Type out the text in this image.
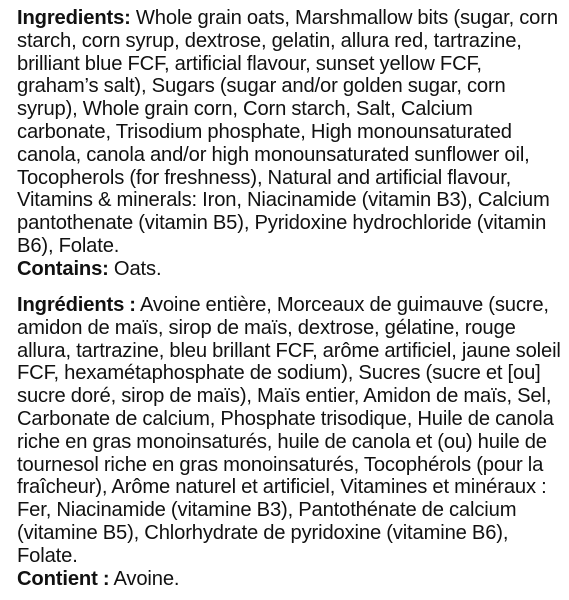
Ingredients: Whole grain oats, Marshmallow bits (sugar, corn starch, corn syrup, dextrose, gelatin, allura red, tartrazine, brilliant blue FCF, artificial flavour, sunset yellow FCF, graham’s salt), Sugars (sugar and/or golden sugar, corn syrup), Whole grain corn, Corn starch, Salt, Calcium carbonate, Trisodium phosphate, High monounsaturated canola, canola and/or high monounsaturated sunflower oil, Tocopherols (for freshness), Natural and artificial flavour, Vitamins & minerals: Iron, Niacinamide (vitamin B3), Calcium pantothenate (vitamin B5), Pyridoxine hydrochloride (vitamin B6), Folate.

Contains: Oats.

Ingrédients : Avoine entière, Morceaux de guimauve (sucre, amidon de maïs, sirop de maïs, dextrose, gélatine, rouge allura, tartrazine, bleu brillant FCF, arôme artificiel, jaune soleil FCF, hexamétaphosphate de sodium), Sucres (sucre et [ou] sucre doré, sirop de maïs), Maïs entier, Amidon de maïs, Sel, Carbonate de calcium, Phosphate trisodique, Huile de canola riche en gras monoinsaturés, huile de canola et (ou) huile de tournesol riche en gras monoinsaturés, Tocophérols (pour la fraîcheur), Arôme naturel et artificiel, Vitamines et minéraux : Fer, Niacinamide (vitamine B3), Pantothénate de calcium (vitamine B5), Chlorhydrate de pyridoxine (vitamine B6), Folate.

Contient : Avoine.
